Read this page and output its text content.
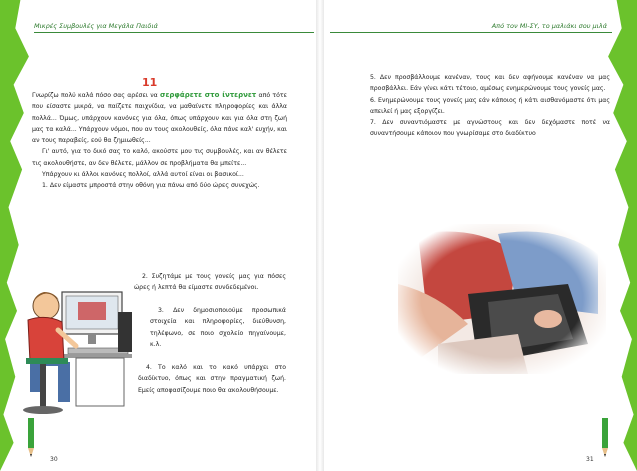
Μικρές Συμβουλές για Μεγάλα Παιδιά	Από τον ΜΙ-ΣΥ, το μαλιάκι σου μιλά
11

Γνωρίζω πολύ καλά πόσο σας αρέσει να σερφάρετε στο ίντερνετ από τότε που είσαστε μικρά, να παίζετε παιχνίδια, να μαθαίνετε πληροφορίες και άλλα πολλά... Όμως, υπάρχουν κανόνες για όλα, όπως υπάρχουν και για όλα στη ζωή μας τα καλά... Υπάρχουν νόμοι, που αν τους ακολουθείς, όλα πάνε καλ' ευχήν, και αν τους παραβείς, εού θα ζημιωθείς...

Γι' αυτό, για το δικό σας το καλό, ακούστε μου τις συμβουλές, και αν θέλετε τις ακολουθήστε, αν δεν θέλετε, μάλλον σε προβλήματα θα μπείτε...

Υπάρχουν κι άλλοι κανόνες πολλοί, αλλά αυτοί είναι οι βασικοί...

1. Δεν είμαστε μπροστά στην οθόνη για πάνω από δύο ώρες συνεχώς.

2. Συζητάμε με τους γονείς μας για πόσες ώρες ή λεπτά θα είμαστε συνδεδεμένοι.
3. Δεν δημοσιοποιούμε προσωπικά στοιχεία και πληροφορίες, διεύθυνση, τηλέφωνο, σε ποιο σχολείο πηγαίνουμε, κ.λ.
4. Το καλό και το κακό υπάρχει στο διαδίκτυο, όπως και στην πραγματική ζωή. Εμείς αποφασίζουμε ποιο θα ακολουθήσουμε.
30

5. Δεν προσβάλλουμε κανέναν, τους και δεν αφήνουμε κανέναν να μας προσβάλλει. Εάν γίνει κάτι τέτοιο, αμέσως ενημερώνουμε τους γονείς μας.

6. Ενημερώνουμε τους γονείς μας εάν κάποιος ή κάτι αισθανόμαστε ότι μας απειλεί ή μας εξοργίζει.

7. Δεν συναντιόμαστε με αγνώστους και δεν δεχόμαστε ποτέ να συναντήσουμε κάποιον που γνωρίσαμε στο διαδίκτυο

31
